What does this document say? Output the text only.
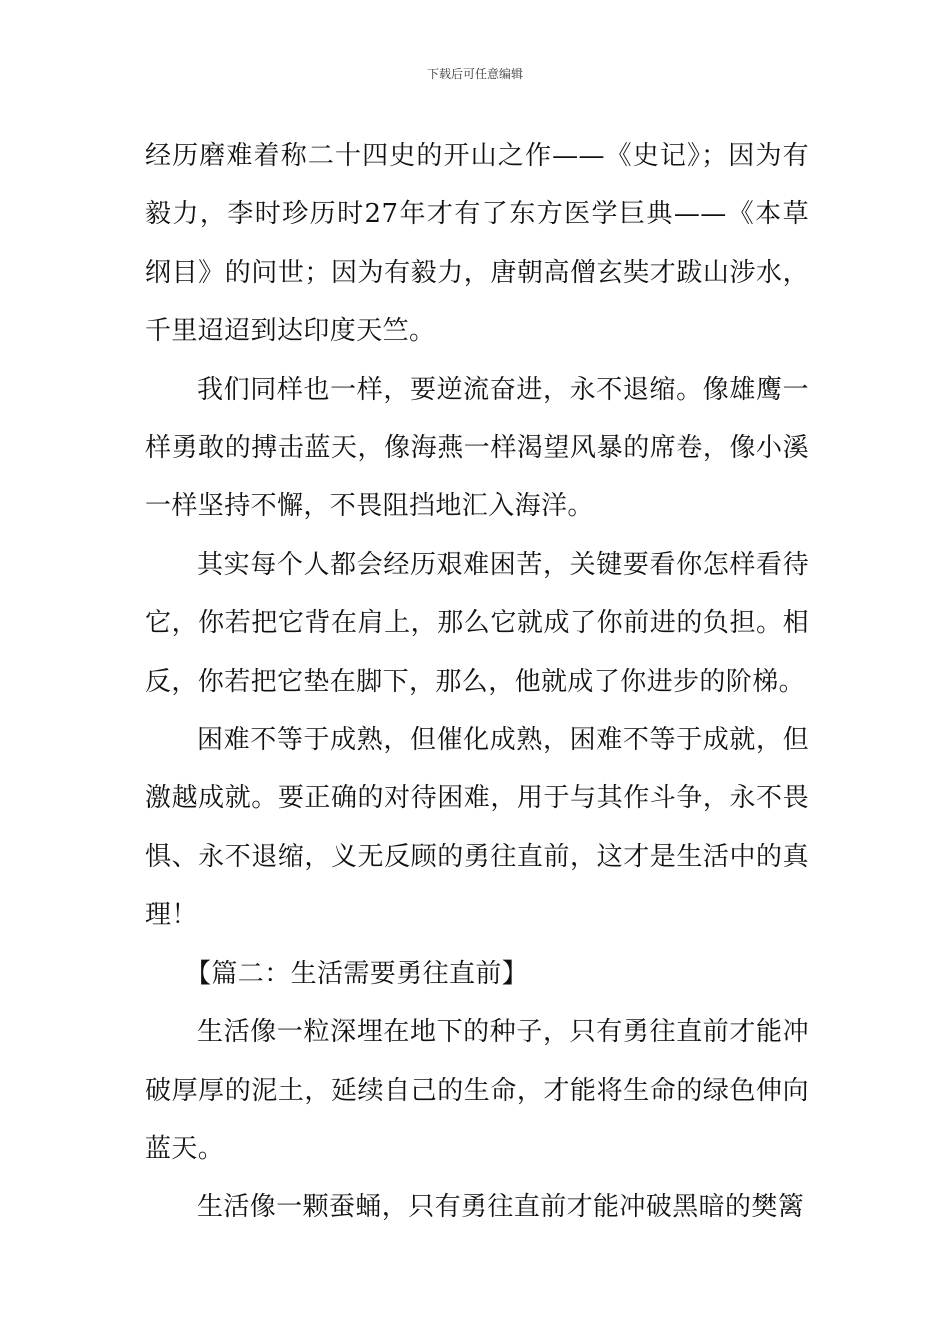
下载后可任意编辑

经历磨难着称二十四史的开山之作——《史记》；因为有毅力，李时珍历时27年才有了东方医学巨典——《本草纲目》的问世；因为有毅力，唐朝高僧玄奘才跋山涉水，千里迢迢到达印度天竺。

我们同样也一样，要逆流奋进，永不退缩。像雄鹰一样勇敢的搏击蓝天，像海燕一样渴望风暴的席卷，像小溪一样坚持不懈，不畏阻挡地汇入海洋。

其实每个人都会经历艰难困苦，关键要看你怎样看待它，你若把它背在肩上，那么它就成了你前进的负担。相反，你若把它垫在脚下，那么，他就成了你进步的阶梯。

困难不等于成熟，但催化成熟，困难不等于成就，但激越成就。要正确的对待困难，用于与其作斗争，永不畏惧、永不退缩，义无反顾的勇往直前，这才是生活中的真理！

【篇二：生活需要勇往直前】

生活像一粒深埋在地下的种子，只有勇往直前才能冲破厚厚的泥土，延续自己的生命，才能将生命的绿色伸向蓝天。

生活像一颗蚕蛹，只有勇往直前才能冲破黑暗的樊篱
